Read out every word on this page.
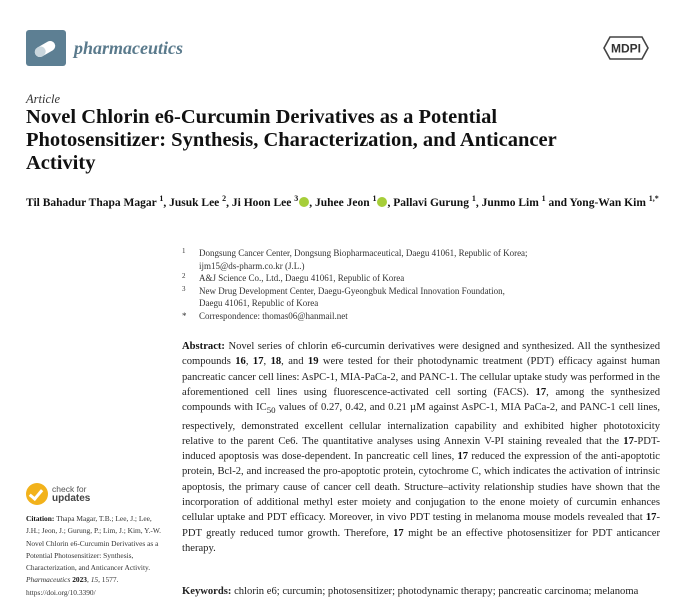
pharmaceutics	MDPI
Article
Novel Chlorin e6-Curcumin Derivatives as a Potential Photosensitizer: Synthesis, Characterization, and Anticancer Activity
Til Bahadur Thapa Magar $^1$, Jusuk Lee $^2$, Ji Hoon Lee $^3$ , Juhee Jeon $^1$ , Pallavi Gurung $^1$, Junmo Lim $^1$ and Yong-Wan Kim $^{1,*}$
1 Dongsung Cancer Center, Dongsung Biopharmaceutical, Daegu 41061, Republic of Korea;
ijm15@ds-pharm.co.kr (J.L.)
2 A&J Science Co., Ltd., Daegu 41061, Republic of Korea
3 New Drug Development Center, Daegu-Gyeongbuk Medical Innovation Foundation,
Daegu 41061, Republic of Korea
* Correspondence: thomas06@hanmail.net
Abstract: Novel series of chlorin e6-curcumin derivatives were designed and synthesized. All the synthesized compounds 16, 17, 18, and 19 were tested for their photodynamic treatment (PDT) efficacy against human pancreatic cancer cell lines: AsPC-1, MIA-PaCa-2, and PANC-1. The cellular uptake study was performed in the aforementioned cell lines using fluorescence-activated cell sorting (FACS). 17, among the synthesized compounds with $IC_{50}$ values of 0.27, 0.42, and 0.21 µM against AsPC-1, MIA PaCa-2, and PANC-1 cell lines, respectively, demonstrated excellent cellular internalization capability and exhibited higher phototoxicity relative to the parent Ce6. The quantitative analyses using Annexin V-PI staining revealed that the 17-PDT-induced apoptosis was dose-dependent. In pancreatic cell lines, 17 reduced the expression of the anti-apoptotic protein, Bcl-2, and increased the pro-apoptotic protein, cytochrome C, which indicates the activation of intrinsic apoptosis, the primary cause of cancer cell death. Structure–activity relationship studies have shown that the incorporation of additional methyl ester moiety and conjugation to the enone moiety of curcumin enhances cellular uptake and PDT efficacy. Moreover, in vivo PDT testing in melanoma mouse models revealed that 17-PDT greatly reduced tumor growth. Therefore, 17 might be an effective photosensitizer for PDT anticancer therapy.
Keywords: chlorin e6; curcumin; photosensitizer; photodynamic therapy; pancreatic carcinoma; melanoma
check for
updates
Citation: Thapa Magar, T.B.; Lee, J.; Lee, J.H.; Jeon, J.; Gurung, P.; Lim, J.; Kim, Y.-W. Novel Chlorin e6-Curcumin Derivatives as a Potential Photosensitizer: Synthesis, Characterization, and Anticancer Activity. Pharmaceutics 2023, 15, 1577. https://doi.org/10.3390/
